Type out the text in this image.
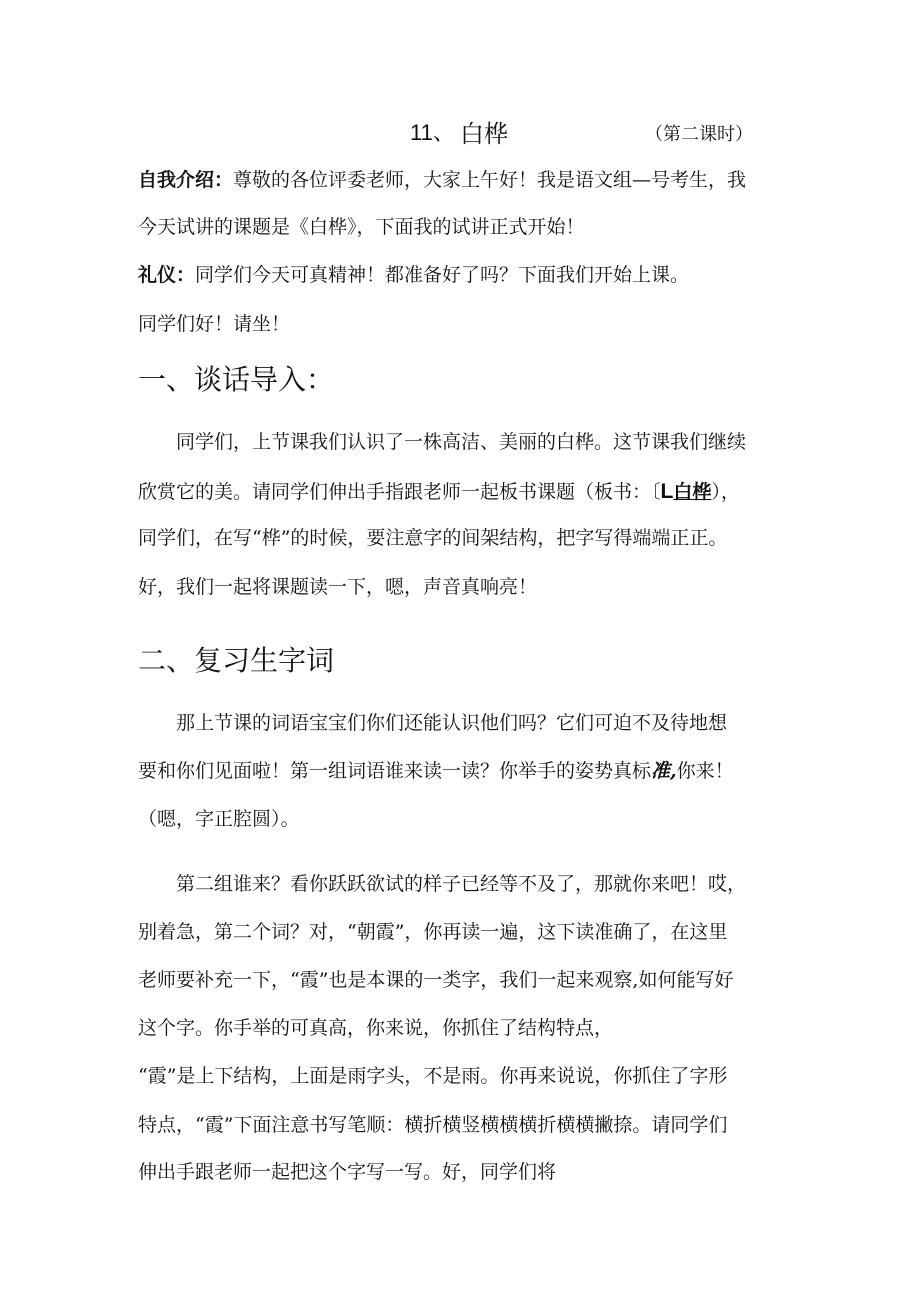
11、 白桦	（第二课时）
自我介绍：尊敬的各位评委老师，大家上午好！我是语文组—号考生，我
今天试讲的课题是《白桦》，下面我的试讲正式开始！
礼仪：同学们今天可真精神！都准备好了吗？下面我们开始上课。
同学们好！请坐！
一、谈话导入：
同学们，上节课我们认识了一株高洁、美丽的白桦。这节课我们继续
欣赏它的美。请同学们伸出手指跟老师一起板书课题（板书：〔L白桦），
同学们，在写“桦”的时候，要注意字的间架结构，把字写得端端正正。
好，我们一起将课题读一下，嗯，声音真响亮！
二、复习生字词
那上节课的词语宝宝们你们还能认识他们吗？它们可迫不及待地想
要和你们见面啦！第一组词语谁来读一读？你举手的姿势真标准,你来！
（嗯，字正腔圆）。
第二组谁来？看你跃跃欲试的样子已经等不及了，那就你来吧！哎，
别着急，第二个词？对，“朝霞”，你再读一遍，这下读准确了，在这里
老师要补充一下，“霞”也是本课的一类字，我们一起来观察,如何能写好
这个字。你手举的可真高，你来说，你抓住了结构特点，
“霞”是上下结构，上面是雨字头，不是雨。你再来说说，你抓住了字形
特点，“霞”下面注意书写笔顺：横折横竖横横横折横横撇捺。请同学们
伸出手跟老师一起把这个字写一写。好，同学们将
